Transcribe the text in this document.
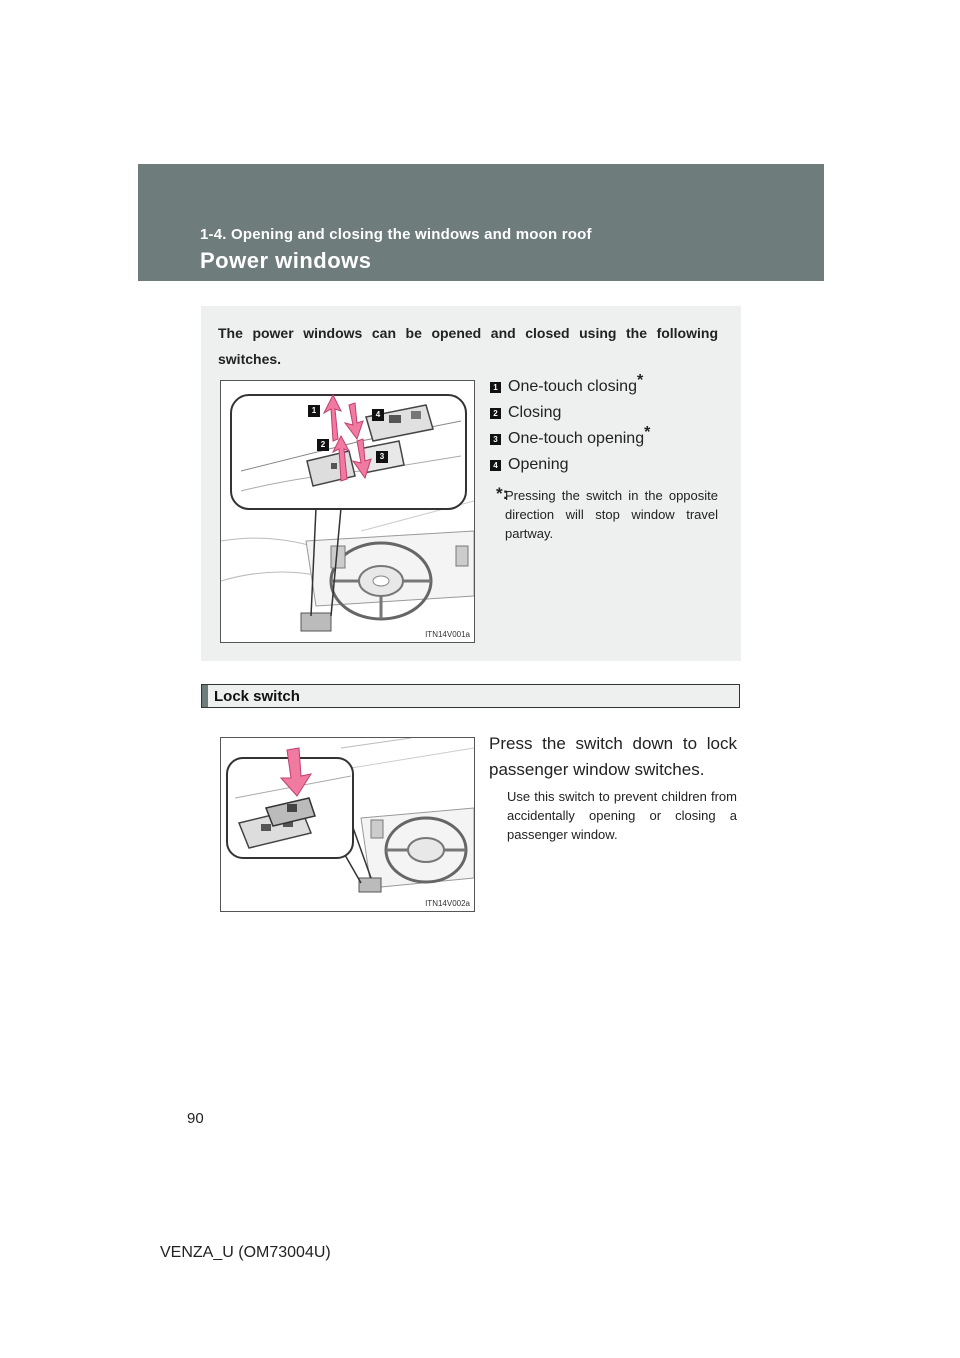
1-4. Opening and closing the windows and moon roof
Power windows
The power windows can be opened and closed using the following switches.
1	4
2
3
ITN14V001a
1 One-touch closing*
2 Closing
3 One-touch opening*
4 Opening
*:
Pressing the switch in the opposite direction will stop window travel partway.
Lock switch
ITN14V002a
Press the switch down to lock passenger window switches.
Use this switch to prevent children from accidentally opening or closing a passenger window.
90
VENZA_U (OM73004U)
